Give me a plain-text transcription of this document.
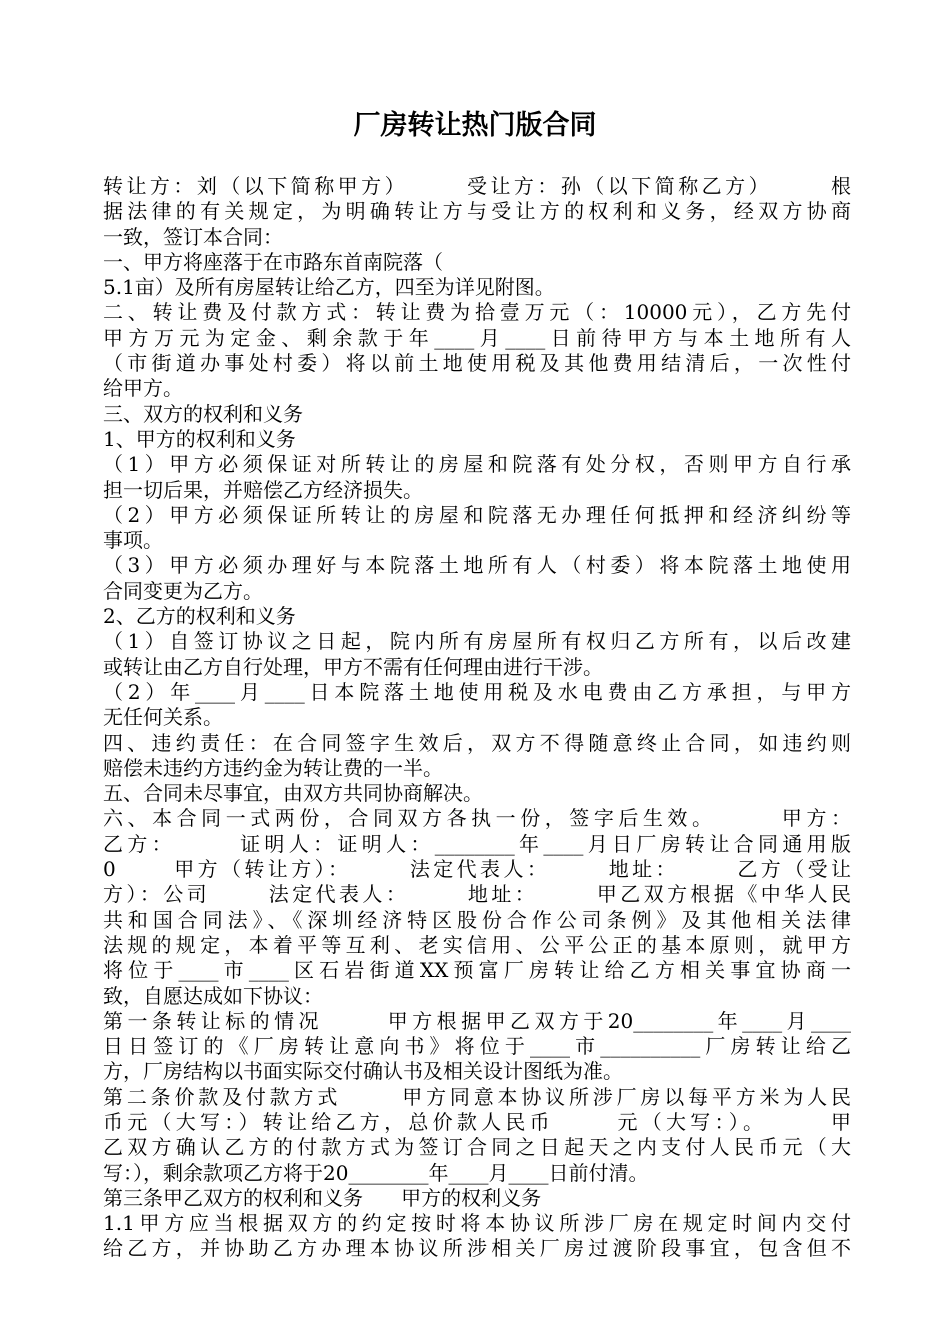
厂房转让热门版合同
转让方：刘（以下简称甲方）      受让方：孙（以下简称乙方）      根
据法律的有关规定，为明确转让方与受让方的权利和义务，经双方协商
一致，签订本合同：
一、甲方将座落于在市路东首南院落（
5.1亩）及所有房屋转让给乙方，四至为详见附图。
二、转让费及付款方式：转让费为拾壹万元（：10000元），乙方先付
甲方万元为定金、剩余款于年____月____日前待甲方与本土地所有人
（市街道办事处村委）将以前土地使用税及其他费用结清后，一次性付
给甲方。
三、双方的权利和义务
1、甲方的权利和义务
（1）甲方必须保证对所转让的房屋和院落有处分权，否则甲方自行承
担一切后果，并赔偿乙方经济损失。
（2）甲方必须保证所转让的房屋和院落无办理任何抵押和经济纠纷等
事项。
（3）甲方必须办理好与本院落土地所有人（村委）将本院落土地使用
合同变更为乙方。
2、乙方的权利和义务
（1）自签订协议之日起，院内所有房屋所有权归乙方所有，以后改建
或转让由乙方自行处理，甲方不需有任何理由进行干涉。
（2）年____月____日本院落土地使用税及水电费由乙方承担，与甲方
无任何关系。
四、违约责任：在合同签字生效后，双方不得随意终止合同，如违约则
赔偿未违约方违约金为转让费的一半。
五、合同未尽事宜，由双方共同协商解决。
六、本合同一式两份，合同双方各执一份，签字后生效。      甲方：
乙方：      证明人：证明人：________年____月日厂房转让合同通用版
0      甲方（转让方）：      法定代表人：      地址：      乙方（受让
方）：公司      法定代表人：      地址：      甲乙双方根据《中华人民
共和国合同法》、《深圳经济特区股份合作公司条例》及其他相关法律
法规的规定，本着平等互利、老实信用、公平公正的基本原则，就甲方
将位于____市____区石岩街道XX预富厂房转让给乙方相关事宜协商一
致，自愿达成如下协议：
第一条转让标的情况      甲方根据甲乙双方于20________年____月____
日日签订的《厂房转让意向书》将位于____市__________厂房转让给乙
方，厂房结构以书面实际交付确认书及相关设计图纸为准。
第二条价款及付款方式      甲方同意本协议所涉厂房以每平方米为人民
币元（大写：）转让给乙方，总价款人民币      元（大写：）。      甲
乙双方确认乙方的付款方式为签订合同之日起天之内支付人民币元（大
写：），剩余款项乙方将于20________年____月____日前付清。
第三条甲乙双方的权利和义务      甲方的权利义务
1.1甲方应当根据双方的约定按时将本协议所涉厂房在规定时间内交付
给乙方，并协助乙方办理本协议所涉相关厂房过渡阶段事宜，包含但不
